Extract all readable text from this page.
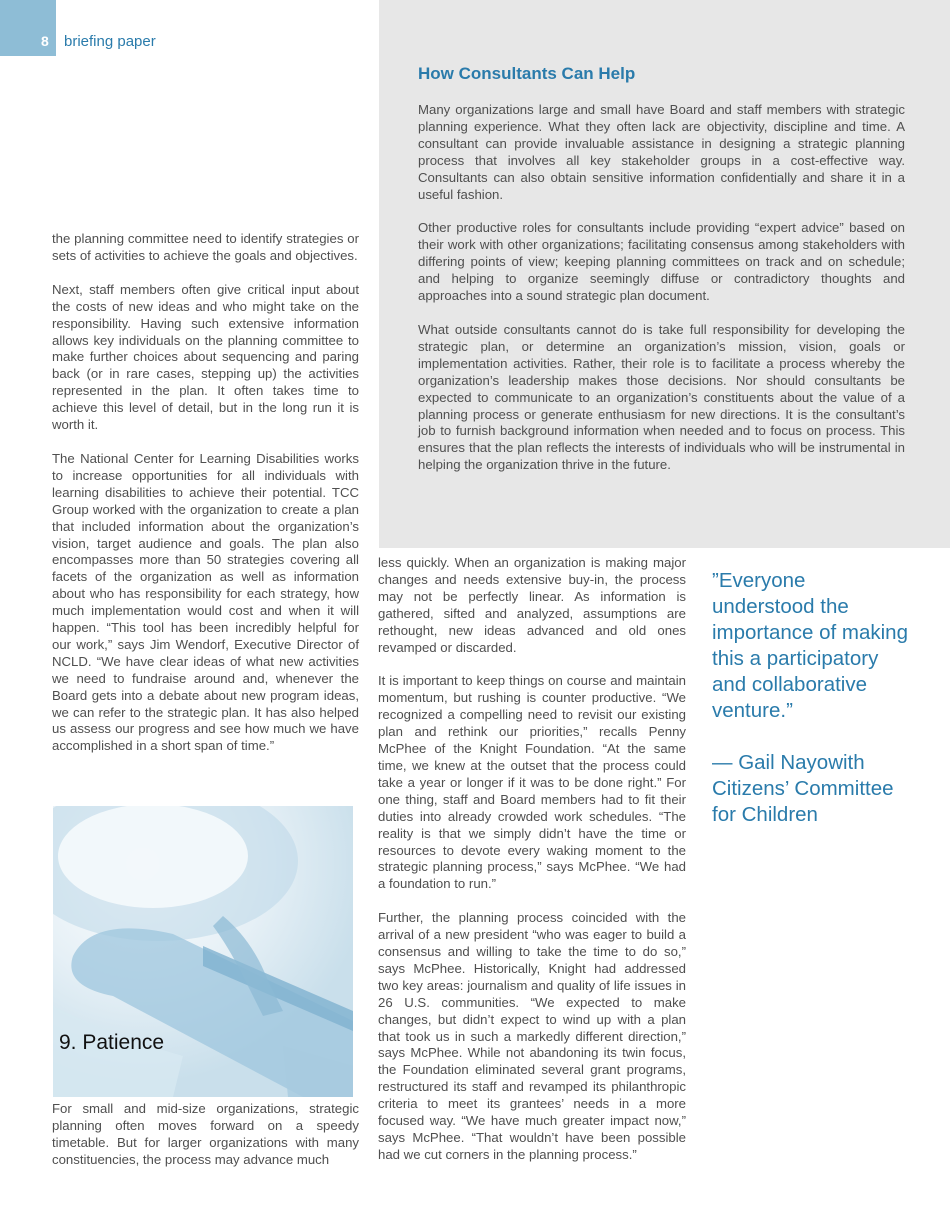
8	briefing paper
How Consultants Can Help

Many organizations large and small have Board and staff members with strategic planning experience. What they often lack are objectivity, discipline and time. A consultant can provide invaluable assistance in designing a strategic planning process that involves all key stakeholder groups in a cost-effective way. Consultants can also obtain sensitive information confidentially and share it in a useful fashion.

Other productive roles for consultants include providing “expert advice” based on their work with other organizations; facilitating consensus among stakeholders with differing points of view; keeping planning committees on track and on schedule; and helping to organize seemingly diffuse or contradictory thoughts and approaches into a sound strategic plan document.

What outside consultants cannot do is take full responsibility for developing the strategic plan, or determine an organization’s mission, vision, goals or implementation activities. Rather, their role is to facilitate a process whereby the organization’s leadership makes those decisions. Nor should consultants be expected to communicate to an organization’s constituents about the value of a planning process or generate enthusiasm for new directions. It is the consultant’s job to furnish background information when needed and to focus on process. This ensures that the plan reflects the interests of individuals who will be instrumental in helping the organization thrive in the future.

the planning committee need to identify strategies or sets of activities to achieve the goals and objectives.

Next, staff members often give critical input about the costs of new ideas and who might take on the responsibility. Having such extensive information allows key individuals on the planning committee to make further choices about sequencing and paring back (or in rare cases, stepping up) the activities represented in the plan. It often takes time to achieve this level of detail, but in the long run it is worth it.

The National Center for Learning Disabilities works to increase opportunities for all individuals with learning disabilities to achieve their potential. TCC Group worked with the organization to create a plan that included information about the organization’s vision, target audience and goals. The plan also encompasses more than 50 strategies covering all facets of the organization as well as information about who has responsibility for each strategy, how much implementation would cost and when it will happen. “This tool has been incredibly helpful for our work,” says Jim Wendorf, Executive Director of NCLD. “We have clear ideas of what new activities we need to fundraise around and, whenever the Board gets into a debate about new program ideas, we can refer to the strategic plan. It has also helped us assess our progress and see how much we have accomplished in a short span of time.”

9. Patience

For small and mid-size organizations, strategic planning often moves forward on a speedy timetable. But for larger organizations with many constituencies, the process may advance much

less quickly. When an organization is making major changes and needs extensive buy-in, the process may not be perfectly linear. As information is gathered, sifted and analyzed, assumptions are rethought, new ideas advanced and old ones revamped or discarded.

It is important to keep things on course and maintain momentum, but rushing is counter productive. “We recognized a compelling need to revisit our existing plan and rethink our priorities,” recalls Penny McPhee of the Knight Foundation. “At the same time, we knew at the outset that the process could take a year or longer if it was to be done right.” For one thing, staff and Board members had to fit their duties into already crowded work schedules. “The reality is that we simply didn’t have the time or resources to devote every waking moment to the strategic planning process,” says McPhee. “We had a foundation to run.”

Further, the planning process coincided with the arrival of a new president “who was eager to build a consensus and willing to take the time to do so,” says McPhee. Historically, Knight had addressed two key areas: journalism and quality of life issues in 26 U.S. communities. “We expected to make changes, but didn’t expect to wind up with a plan that took us in such a markedly different direction,” says McPhee. While not abandoning its twin focus, the Foundation eliminated several grant programs, restructured its staff and revamped its philanthropic criteria to meet its grantees’ needs in a more focused way. “We have much greater impact now,” says McPhee. “That wouldn’t have been possible had we cut corners in the planning process.”

”Everyone understood the importance of making this a participatory and collaborative venture.”
— Gail Nayowith
Citizens’ Committee
for Children
